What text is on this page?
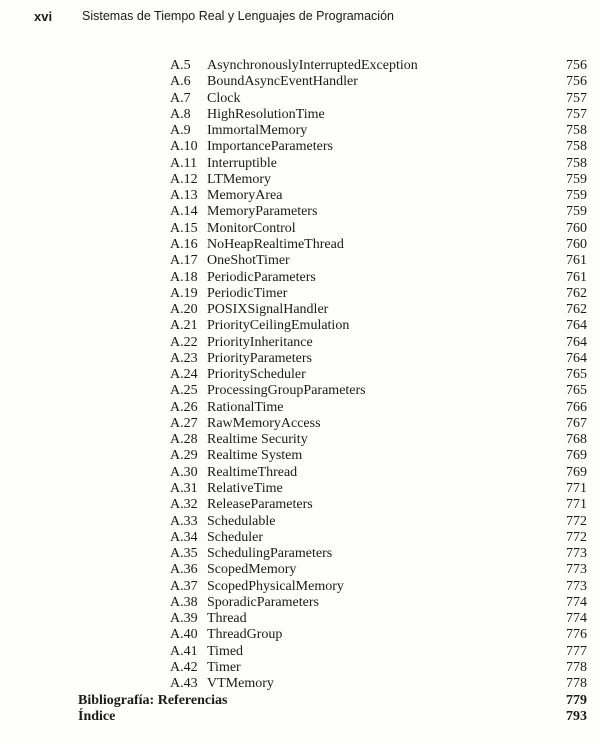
xvi Sistemas de Tiempo Real y Lenguajes de Programación
A.5 AsynchronouslyInterruptedException	756
A.6 BoundAsyncEventHandler	756
A.7 Clock	757
A.8 HighResolutionTime	757
A.9 ImmortalMemory	758
A.10 ImportanceParameters	758
A.11 Interruptible	758
A.12 LTMemory	759
A.13 MemoryArea	759
A.14 MemoryParameters	759
A.15 MonitorControl	760
A.16 NoHeapRealtimeThread	760
A.17 OneShotTimer	761
A.18 PeriodicParameters	761
A.19 PeriodicTimer	762
A.20 POSIXSignalHandler	762
A.21 PriorityCeilingEmulation	764
A.22 PriorityInheritance	764
A.23 PriorityParameters	764
A.24 PriorityScheduler	765
A.25 ProcessingGroupParameters	765
A.26 RationalTime	766
A.27 RawMemoryAccess	767
A.28 Realtime Security	768
A.29 Realtime System	769
A.30 RealtimeThread	769
A.31 RelativeTime	771
A.32 ReleaseParameters	771
A.33 Schedulable	772
A.34 Scheduler	772
A.35 SchedulingParameters	773
A.36 ScopedMemory	773
A.37 ScopedPhysicalMemory	773
A.38 SporadicParameters	774
A.39 Thread	774
A.40 ThreadGroup	776
A.41 Timed	777
A.42 Timer	778
A.43 VTMemory	778
Bibliografía: Referencias	779
Índice	793
